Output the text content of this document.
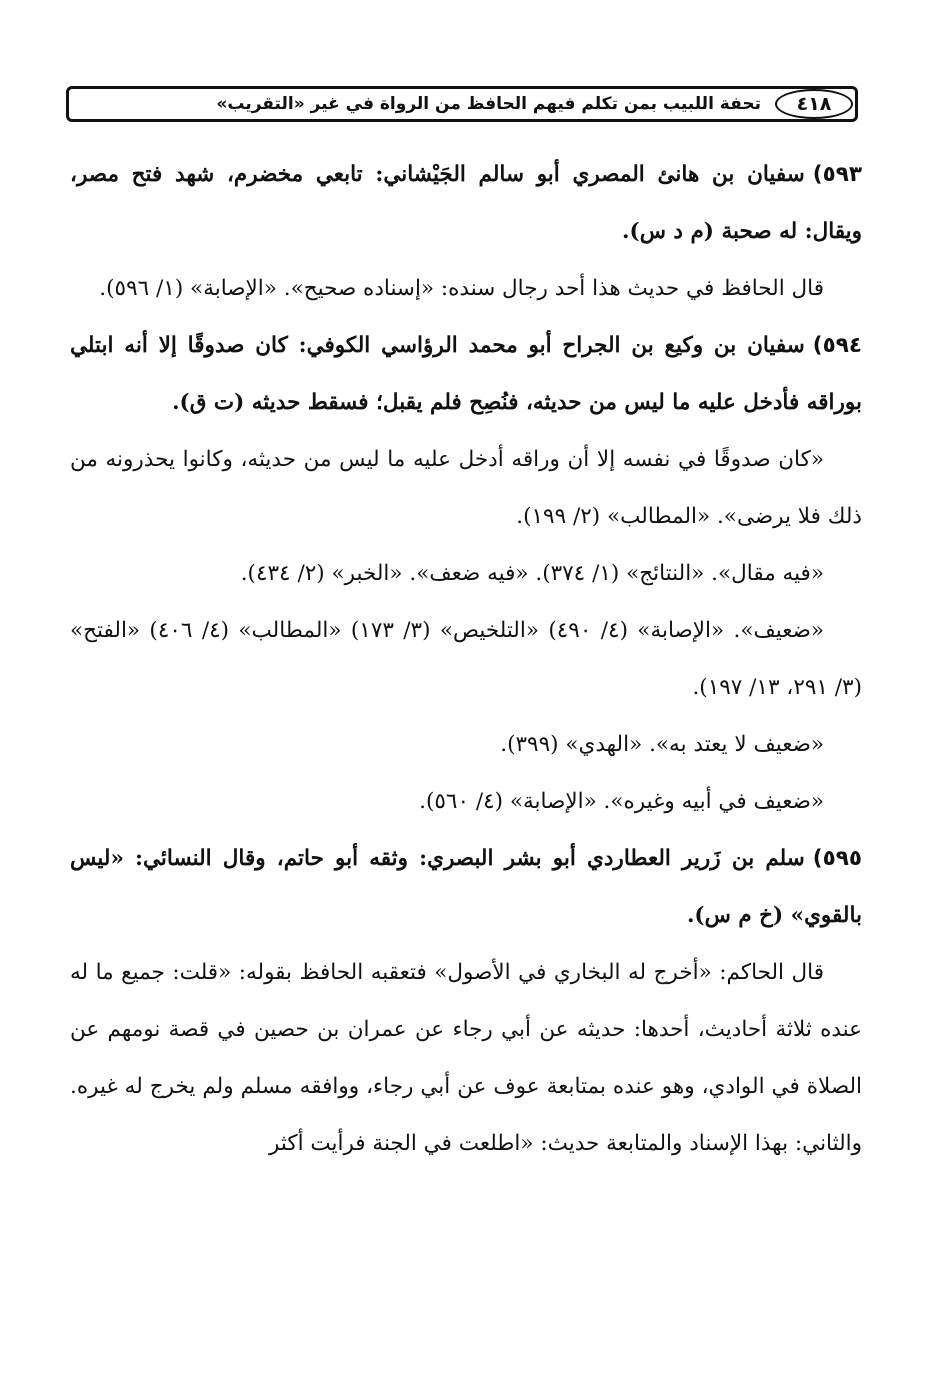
٤١٨
تحفة اللبيب بمن تكلم فيهم الحافظ من الرواة في غير «التقريب»

٥٩٣)سفيان بن هانئ المصري أبو سالم الجَيْشاني: تابعي مخضرم، شهد فتح مصر، ويقال: له صحبة (م د س).

قال الحافظ في حديث هذا أحد رجال سنده: «إسناده صحيح». «الإصابة» (١/ ٥٩٦).

٥٩٤)سفيان بن وكيع بن الجراح أبو محمد الرؤاسي الكوفي: كان صدوقًا إلا أنه ابتلي بوراقه فأدخل عليه ما ليس من حديثه، فنُصِح فلم يقبل؛ فسقط حديثه (ت ق).

«كان صدوقًا في نفسه إلا أن وراقه أدخل عليه ما ليس من حديثه، وكانوا يحذرونه من ذلك فلا يرضى». «المطالب» (٢/ ١٩٩).

«فيه مقال». «النتائج» (١/ ٣٧٤). «فيه ضعف». «الخبر» (٢/ ٤٣٤).

«ضعيف». «الإصابة» (٤/ ٤٩٠) «التلخيص» (٣/ ١٧٣) «المطالب» (٤/ ٤٠٦) «الفتح» (٣/ ٢٩١، ١٣/ ١٩٧).

«ضعيف لا يعتد به». «الهدي» (٣٩٩).

«ضعيف في أبيه وغيره». «الإصابة» (٤/ ٥٦٠).

٥٩٥)سلم بن زَرير العطاردي أبو بشر البصري: وثقه أبو حاتم، وقال النسائي: «ليس بالقوي» (خ م س).

قال الحاكم: «أخرج له البخاري في الأصول» فتعقبه الحافظ بقوله: «قلت: جميع ما له عنده ثلاثة أحاديث، أحدها: حديثه عن أبي رجاء عن عمران بن حصين في قصة نومهم عن الصلاة في الوادي، وهو عنده بمتابعة عوف عن أبي رجاء، ووافقه مسلم ولم يخرج له غيره. والثاني: بهذا الإسناد والمتابعة حديث: «اطلعت في الجنة فرأيت أكثر
